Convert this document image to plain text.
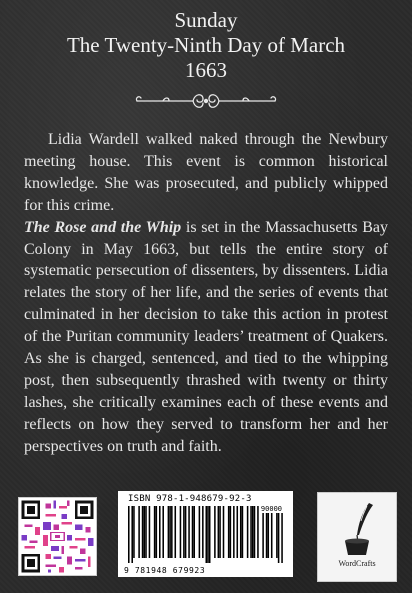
Sunday
The Twenty-Ninth Day of March
1663

Lidia Wardell walked naked through the Newbury meeting house. This event is common historical knowledge. She was prosecuted, and publicly whipped for this crime.

The Rose and the Whip is set in the Massachusetts Bay Colony in May 1663, but tells the entire story of systematic persecution of dissenters, by dissenters. Lidia relates the story of her life, and the series of events that culminated in her decision to take this action in protest of the Puritan community leaders’ treatment of Quakers. As she is charged, sentenced, and tied to the whipping post, then subsequently thrashed with twenty or thirty lashes, she critically examines each of these events and reflects on how they served to transform her and her perspectives on truth and faith.

ISBN 978-1-948679-92-3
90000
9 781948 679923
WordCrafts
